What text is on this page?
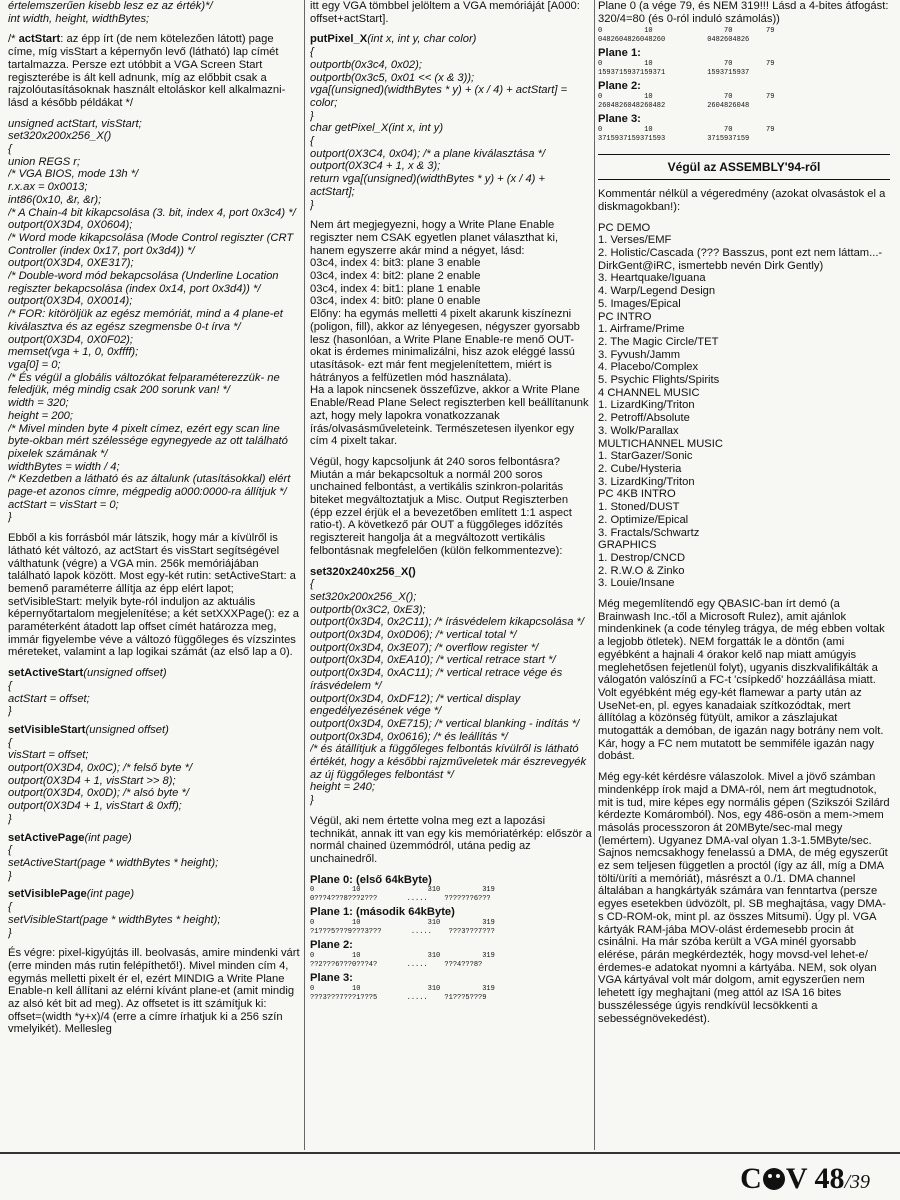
értelemszerűen kisebb lesz ez az érték)*/
int width, height, widthBytes;

/* actStart: az épp írt (de nem kötelezően látott) page címe, míg visStart a képernyőn levő (látható) lap címét tartalmazza. Persze ezt utóbbit a VGA Screen Start regiszterébe is ált kell adnunk, míg az előbbit csak a rajzolóutasításoknak használt eltoláskor kell alkalmazni- lásd a később példákat */

unsigned actStart, visStart;
set320x200x256_X()
{
union REGS r;
/* VGA BIOS, mode 13h */
r.x.ax = 0x0013;
int86(0x10, &r, &r);
/* A Chain-4 bit kikapcsolása (3. bit, index 4, port 0x3c4) */
outport(0X3D4, 0X0604);
/* Word mode kikapcsolása (Mode Control regiszter (CRT Controller (index 0x17, port 0x3d4)) */
outport(0X3D4, 0XE317);
/* Double-word mód bekapcsolása (Underline Location regiszter bekapcsolása (index 0x14, port 0x3d4)) */
outport(0X3D4, 0X0014);
/* FOR: kitöröljük az egész memóriát, mind a 4 plane-et kiválasztva és az egész szegmensbe 0-t írva */
outport(0X3D4, 0X0F02);
memset(vga + 1, 0, 0xffff);
vga[0] = 0;
/* És végül a globális változókat felparaméterezzük- ne feledjük, még mindig csak 200 sorunk van! */
width = 320;
height = 200;
/* Mivel minden byte 4 pixelt címez, ezért egy scan line byte-okban mért szélessége egynegyede az ott található pixelek számának */
widthBytes = width / 4;
/* Kezdetben a látható és az általunk (utasításokkal) elért page-et azonos címre, mégpedig a000:0000-ra állítjuk */
actStart = visStart = 0;
}

Ebből a kis forrásból már látszik, hogy már a kívülről is látható két változó, az actStart és visStart segítségével válthatunk (végre) a VGA min. 256k memóriájában található lapok között. Most egy-két rutin: setActiveStart: a bemenő paraméterre állítja az épp elért lapot; setVisibleStart: melyik byte-ról induljon az aktuális képernyőtartalom megjelenítése; a két setXXXPage(): ez a paraméterként átadott lap offset címét határozza meg, immár figyelembe véve a változó függőleges és vízszintes méreteket, valamint a lap logikai számát (az első lap a 0).

setActiveStart(unsigned offset)
{
actStart = offset;
}
setVisibleStart(unsigned offset)
{
visStart = offset;
outport(0X3D4, 0x0C); /* felső byte */
outport(0X3D4 + 1, visStart >> 8);
outport(0X3D4, 0x0D); /* alsó byte */
outport(0X3D4 + 1, visStart & 0xff);
}
setActivePage(int page)
{
setActiveStart(page * widthBytes * height);
}
setVisiblePage(int page)
{
setVisibleStart(page * widthBytes * height);
}

És végre: pixel-kigyújtás ill. beolvasás, amire mindenki várt (erre minden más rutin felépíthető!). Mivel minden cím 4, egymás melletti pixelt ér el, ezért MINDIG a Write Plane Enable-n kell állítani az elérni kívánt plane-et (amit mindig az alsó két bit ad meg). Az offsetet is itt számítjuk ki: offset=(width *y+x)/4 (erre a címre írhatjuk ki a 256 szín vmelyikét). Mellesleg

itt egy VGA tömbbel jelöltem a VGA memóriáját [A000: offset+actStart].

putPixel_X(int x, int y, char color)
{
outportb(0x3c4, 0x02);
outportb(0x3c5, 0x01 << (x & 3));
vga[(unsigned)(widthBytes * y) + (x / 4) + actStart] = color;
}
char getPixel_X(int x, int y)
{
outport(0X3C4, 0x04); /* a plane kiválasztása */
outport(0X3C4 + 1, x & 3);
return vga[(unsigned)(widthBytes * y) + (x / 4) + actStart];
}

Nem árt megjegyezni, hogy a Write Plane Enable regiszter nem CSAK egyetlen planet választhat ki, hanem egyszerre akár mind a négyet, lásd:
03c4, index 4: bit3: plane 3 enable
03c4, index 4: bit2: plane 2 enable
03c4, index 4: bit1: plane 1 enable
03c4, index 4: bit0: plane 0 enable
Előny: ha egymás melletti 4 pixelt akarunk kiszínezni (poligon, fill), akkor az lényegesen, négyszer gyorsabb lesz (hasonlóan, a Write Plane Enable-re menő OUT-okat is érdemes minimalizálni, hisz azok eléggé lassú utasítások- ezt már fent megjelenítettem, miért is hátrányos a felfüzetlen mód használata).
Ha a lapok nincsenek összefűzve, akkor a Write Plane Enable/Read Plane Select regiszterben kell beállítanunk azt, hogy mely lapokra vonatkozzanak írás/olvasásműveleteink. Természetesen ilyenkor egy cím 4 pixelt takar.

Végül, hogy kapcsoljunk át 240 soros felbontásra? Miután a már bekapcsoltuk a normál 200 soros unchained felbontást, a vertikális szinkron-polaritás biteket megváltoztatjuk a Misc. Output Regiszterben (épp ezzel érjük el a bevezetőben említett 1:1 aspect ratio-t). A következő pár OUT a függőleges időzítés regisztereit hangolja át a megváltozott vertikális felbontásnak megfelelően (külön felkommentezve):

set320x240x256_X()
{
set320x200x256_X();
outportb(0x3C2, 0xE3);
outport(0x3D4, 0x2C11); /* írásvédelem kikapcsolása */
outport(0x3D4, 0x0D06); /* vertical total */
outport(0x3D4, 0x3E07); /* overflow register */
outport(0x3D4, 0xEA10); /* vertical retrace start */
outport(0x3D4, 0xAC11); /* vertical retrace vége és írásvédelem */
outport(0x3D4, 0xDF12); /* vertical display engedélyezésének vége */
outport(0x3D4, 0xE715); /* vertical blanking - indítás */
outport(0x3D4, 0x0616); /* és leállítás */
/* és átállítjuk a függőleges felbontás kívülről is látható értékét, hogy a későbbi rajzműveletek már észrevegyék az új függőleges felbontást */
height = 240;
}

Végül, aki nem értette volna meg ezt a lapozási technikát, annak itt van egy kis memóriatérkép: először a normál chained üzemmódról, utána pedig az unchainedről.

Plane 0: (első 64kByte)
0         10                310          319
0???4???8???2???       .....    ???????6???
Plane 1: (második 64kByte)
0         10                310          319
?1???5???9???3???       .....    ???3???7???
Plane 2:
0         10                310          319
??2???6???0???4?       .....    ???4???8?
Plane 3:
0         10                310          319
???3???7???1???5       .....    ?1???5???9

Plane 0 (a vége 79, és NEM 319!!! Lásd a 4-bites átfogást: 320/4=80 (és 0-ról induló számolás))

0          10                 70        79
0482604826048260          0482604826
Plane 1:
0          10                 70        79
1593715937159371          1593715937
Plane 2:
0          10                 70        79
2604826048260482          2604826048
Plane 3:
0          10                 70        79
3715937159371593          3715937159
Végül az ASSEMBLY'94-ről

Kommentár nélkül a végeredmény (azokat olvasástok el a diskmagokban!):

PC DEMO
1. Verses/EMF
2. Holistic/Cascada (??? Basszus, pont ezt nem láttam...-DirkGent@iRC, ismertebb nevén Dirk Gently)
3. Heartquake/Iguana
4. Warp/Legend Design
5. Images/Epical
PC INTRO
1. Airframe/Prime
2. The Magic Circle/TET
3. Fyvush/Jamm
4. Placebo/Complex
5. Psychic Flights/Spirits
4 CHANNEL MUSIC
1. LizardKing/Triton
2. Petroff/Absolute
3. Wolk/Parallax
MULTICHANNEL MUSIC
1. StarGazer/Sonic
2. Cube/Hysteria
3. LizardKing/Triton
PC 4KB INTRO
1. Stoned/DUST
2. Optimize/Epical
3. Fractals/Schwartz
GRAPHICS
1. Destrop/CNCD
2. R.W.O & Zinko
3. Louie/Insane

Még megemlítendő egy QBASIC-ban írt demó (a Brainwash Inc.-től a Microsoft Rulez), amit ajánlok mindenkinek (a code tényleg trágya, de még ebben voltak a legjobb ötletek). NEM forgatták le a döntőn (ami egyébként a hajnali 4 órakor kelő nap miatt amúgyis meglehetősen fejetlenül folyt), ugyanis diszkvalifikálták a válogatón valószínű a FC-t 'csípkedő' hozzáállása miatt. Volt egyébként még egy-két flamewar a party után az UseNet-en, pl. egyes kanadaiak szítkozódtak, mert állítólag a közönség fütyült, amikor a zászlajukat mutogatták a demóban, de igazán nagy botrány nem volt. Kár, hogy a FC nem mutatott be semmiféle igazán nagy dobást.

Még egy-két kérdésre válaszolok. Mivel a jövő számban mindenképp írok majd a DMA-ról, nem árt megtudnotok, mit is tud, mire képes egy normális gépen (Szikszói Szilárd kérdezte Komáromból). Nos, egy 486-osön a mem->mem másolás processzoron át 20MByte/sec-mal megy (lemértem). Ugyanez DMA-val olyan 1.3-1.5MByte/sec. Sajnos nemcsakhogy fenelassú a DMA, de még egyszerűt ez sem teljesen független a proctól (így az áll, míg a DMA tölti/üríti a memóriát), másrészt a 0./1. DMA channel általában a hangkártyák számára van fenntartva (persze egyes esetekben üdvözölt, pl. SB meghajtása, vagy DMA-s CD-ROM-ok, mint pl. az összes Mitsumi). Úgy pl. VGA kártyák RAM-jába MOV-olást érdemesebb procin át csinálni. Ha már szóba került a VGA minél gyorsabb elérése, párán megkérdezték, hogy movsd-vel lehet-e/érdemes-e adatokat nyomni a kártyába. NEM, sok olyan VGA kártyával volt már dolgom, amit egyszerűen nem lehetett így meghajtani (meg attól az ISA 16 bites busszélessége úgyis rendkívül lecsökkenti a sebességnövekedést).

C V 48/39
